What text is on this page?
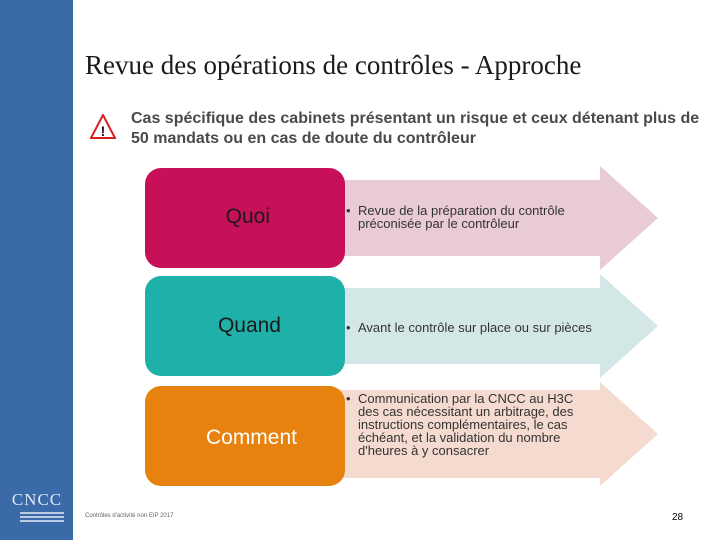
CNCC
’ Revue des opérations de contrôles - Approche
!
Cas spécifique des cabinets présentant un risque et ceux détenant plus de 50 mandats ou en cas de doute du contrôleur
Quoi	• Revue de la préparation du contrôle préconisée par le contrôleur
Quand	• Avant le contrôle sur place ou sur pièces
Comment
• Communication par la CNCC au H3C des cas nécessitant un arbitrage, des instructions complémentaires, le cas échéant, et la validation du nombre d'heures à y consacrer
Contrôles d'activité non EIP 2017	28
